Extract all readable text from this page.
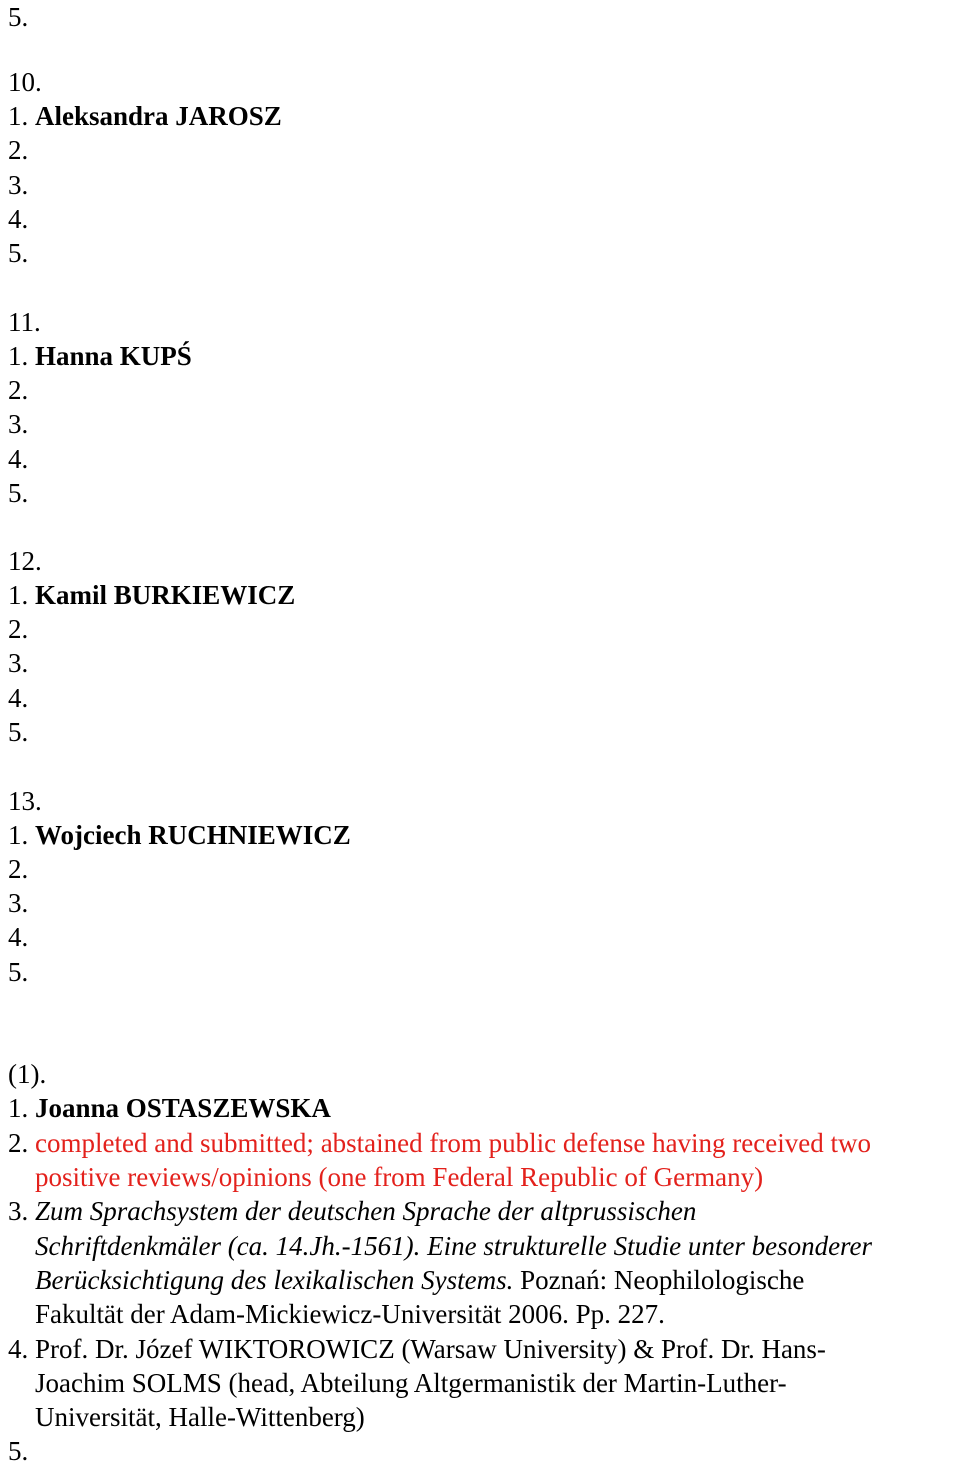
5.
10.
1. Aleksandra JAROSZ
2.
3.
4.
5.
11.
1. Hanna KUPŚ
2.
3.
4.
5.
12.
1. Kamil BURKIEWICZ
2.
3.
4.
5.
13.
1. Wojciech RUCHNIEWICZ
2.
3.
4.
5.
(1).
1. Joanna OSTASZEWSKA
2. completed and submitted; abstained from public defense having received two
positive reviews/opinions (one from Federal Republic of Germany)
3. Zum Sprachsystem der deutschen Sprache der altprussischen
Schriftdenkmäler (ca. 14.Jh.-1561). Eine strukturelle Studie unter besonderer
Berücksichtigung des lexikalischen Systems. Poznań: Neophilologische
Fakultät der Adam-Mickiewicz-Universität 2006. Pp. 227.
4. Prof. Dr. Józef WIKTOROWICZ (Warsaw University) & Prof. Dr. Hans-
Joachim SOLMS (head, Abteilung Altgermanistik der Martin-Luther-
Universität, Halle-Wittenberg)
5.
